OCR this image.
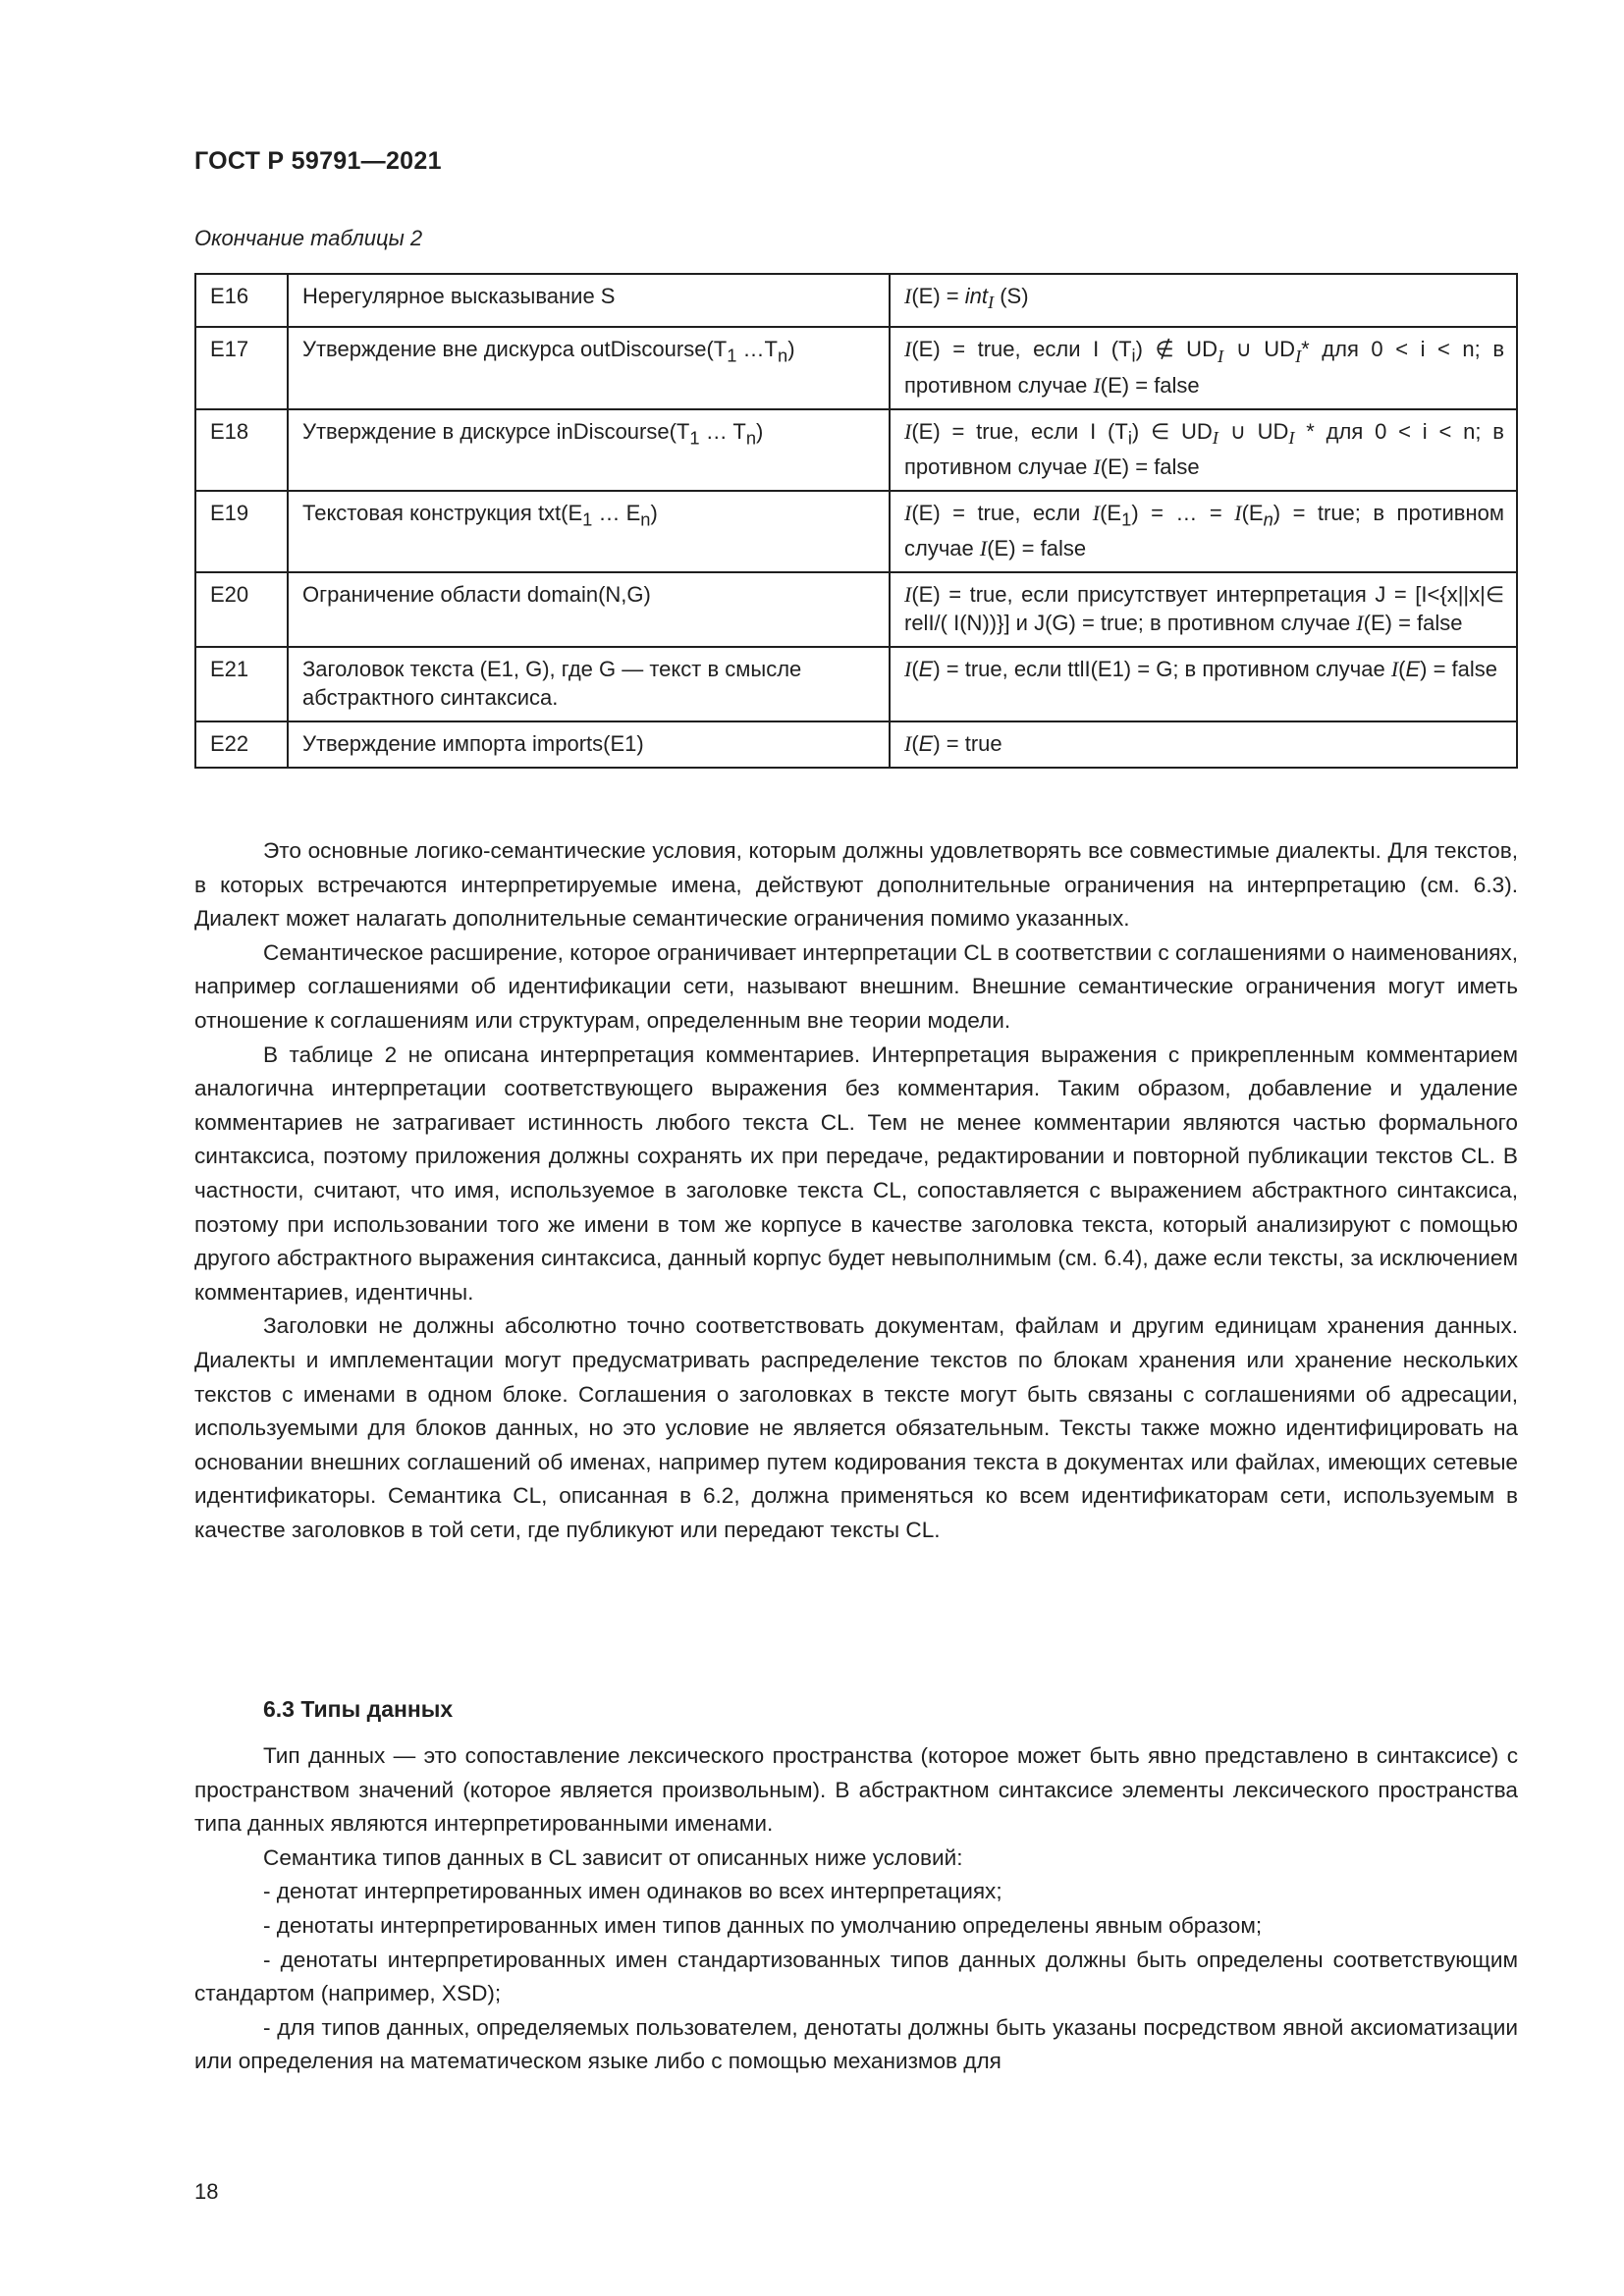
ГОСТ Р 59791—2021
Окончание таблицы 2
E16	Нерегулярное высказывание S	I(E) = int$_I$ (S)
E17	Утверждение вне дискурса $outDiscourse(T_1$ $\dots T_n$)	I(E) = true, если I $(T_i)$ ∉ $UD_I$ ∪ $UD_I*$ для 0 < i < n; в противном случае I(E) = false
E18	Утверждение в дискурсе $inDiscourse(T_1$ … $T_n$)	I(E) = true, если I $(T_i)$ ∈ $UD_I$ ∪ $UD_I$ * для 0 < i < n; в противном случае I(E) = false
E19	Текстовая конструкция $txt(E_1$ … $E_n$)	I(E) = true, если $I(E_1)$ = … = $I(E_n)$ = true; в противном случае I(E) = false
E20	Ограничение области domain(N,G)	I(E) = true, если присутствует интерпретация J = [I<{x||x|∈ relI/( I(N))}] и J(G) = true; в противном случае I(E) = false
E21	Заголовок текста (E1, G), где G — текст в смысле абстрактного синтаксиса.	I(E) = true, если ttlI(E1) = G; в противном случае I(E) = false
E22	Утверждение импорта imports(E1)	I(E) = true

Это основные логико-семантические условия, которым должны удовлетворять все совместимые диалекты. Для текстов, в которых встречаются интерпретируемые имена, действуют дополнительные ограничения на интерпретацию (см. 6.3). Диалект может налагать дополнительные семантические ограничения помимо указанных.

Семантическое расширение, которое ограничивает интерпретации CL в соответствии с соглашениями о наименованиях, например соглашениями об идентификации сети, называют внешним. Внешние семантические ограничения могут иметь отношение к соглашениям или структурам, определенным вне теории модели.

В таблице 2 не описана интерпретация комментариев. Интерпретация выражения с прикрепленным комментарием аналогична интерпретации соответствующего выражения без комментария. Таким образом, добавление и удаление комментариев не затрагивает истинность любого текста CL. Тем не менее комментарии являются частью формального синтаксиса, поэтому приложения должны сохранять их при передаче, редактировании и повторной публикации текстов CL. В частности, считают, что имя, используемое в заголовке текста CL, сопоставляется с выражением абстрактного синтаксиса, поэтому при использовании того же имени в том же корпусе в качестве заголовка текста, который анализируют с помощью другого абстрактного выражения синтаксиса, данный корпус будет невыполнимым (см. 6.4), даже если тексты, за исключением комментариев, идентичны.

Заголовки не должны абсолютно точно соответствовать документам, файлам и другим единицам хранения данных. Диалекты и имплементации могут предусматривать распределение текстов по блокам хранения или хранение нескольких текстов с именами в одном блоке. Соглашения о заголовках в тексте могут быть связаны с соглашениями об адресации, используемыми для блоков данных, но это условие не является обязательным. Тексты также можно идентифицировать на основании внешних соглашений об именах, например путем кодирования текста в документах или файлах, имеющих сетевые идентификаторы. Семантика CL, описанная в 6.2, должна применяться ко всем идентификаторам сети, используемым в качестве заголовков в той сети, где публикуют или передают тексты CL.

6.3 Типы данных

Тип данных — это сопоставление лексического пространства (которое может быть явно представлено в синтаксисе) с пространством значений (которое является произвольным). В абстрактном синтаксисе элементы лексического пространства типа данных являются интерпретированными именами.

Семантика типов данных в CL зависит от описанных ниже условий:

- денотат интерпретированных имен одинаков во всех интерпретациях;

- денотаты интерпретированных имен типов данных по умолчанию определены явным образом;

- денотаты интерпретированных имен стандартизованных типов данных должны быть определены соответствующим стандартом (например, XSD);

- для типов данных, определяемых пользователем, денотаты должны быть указаны посредством явной аксиоматизации или определения на математическом языке либо с помощью механизмов для

18
